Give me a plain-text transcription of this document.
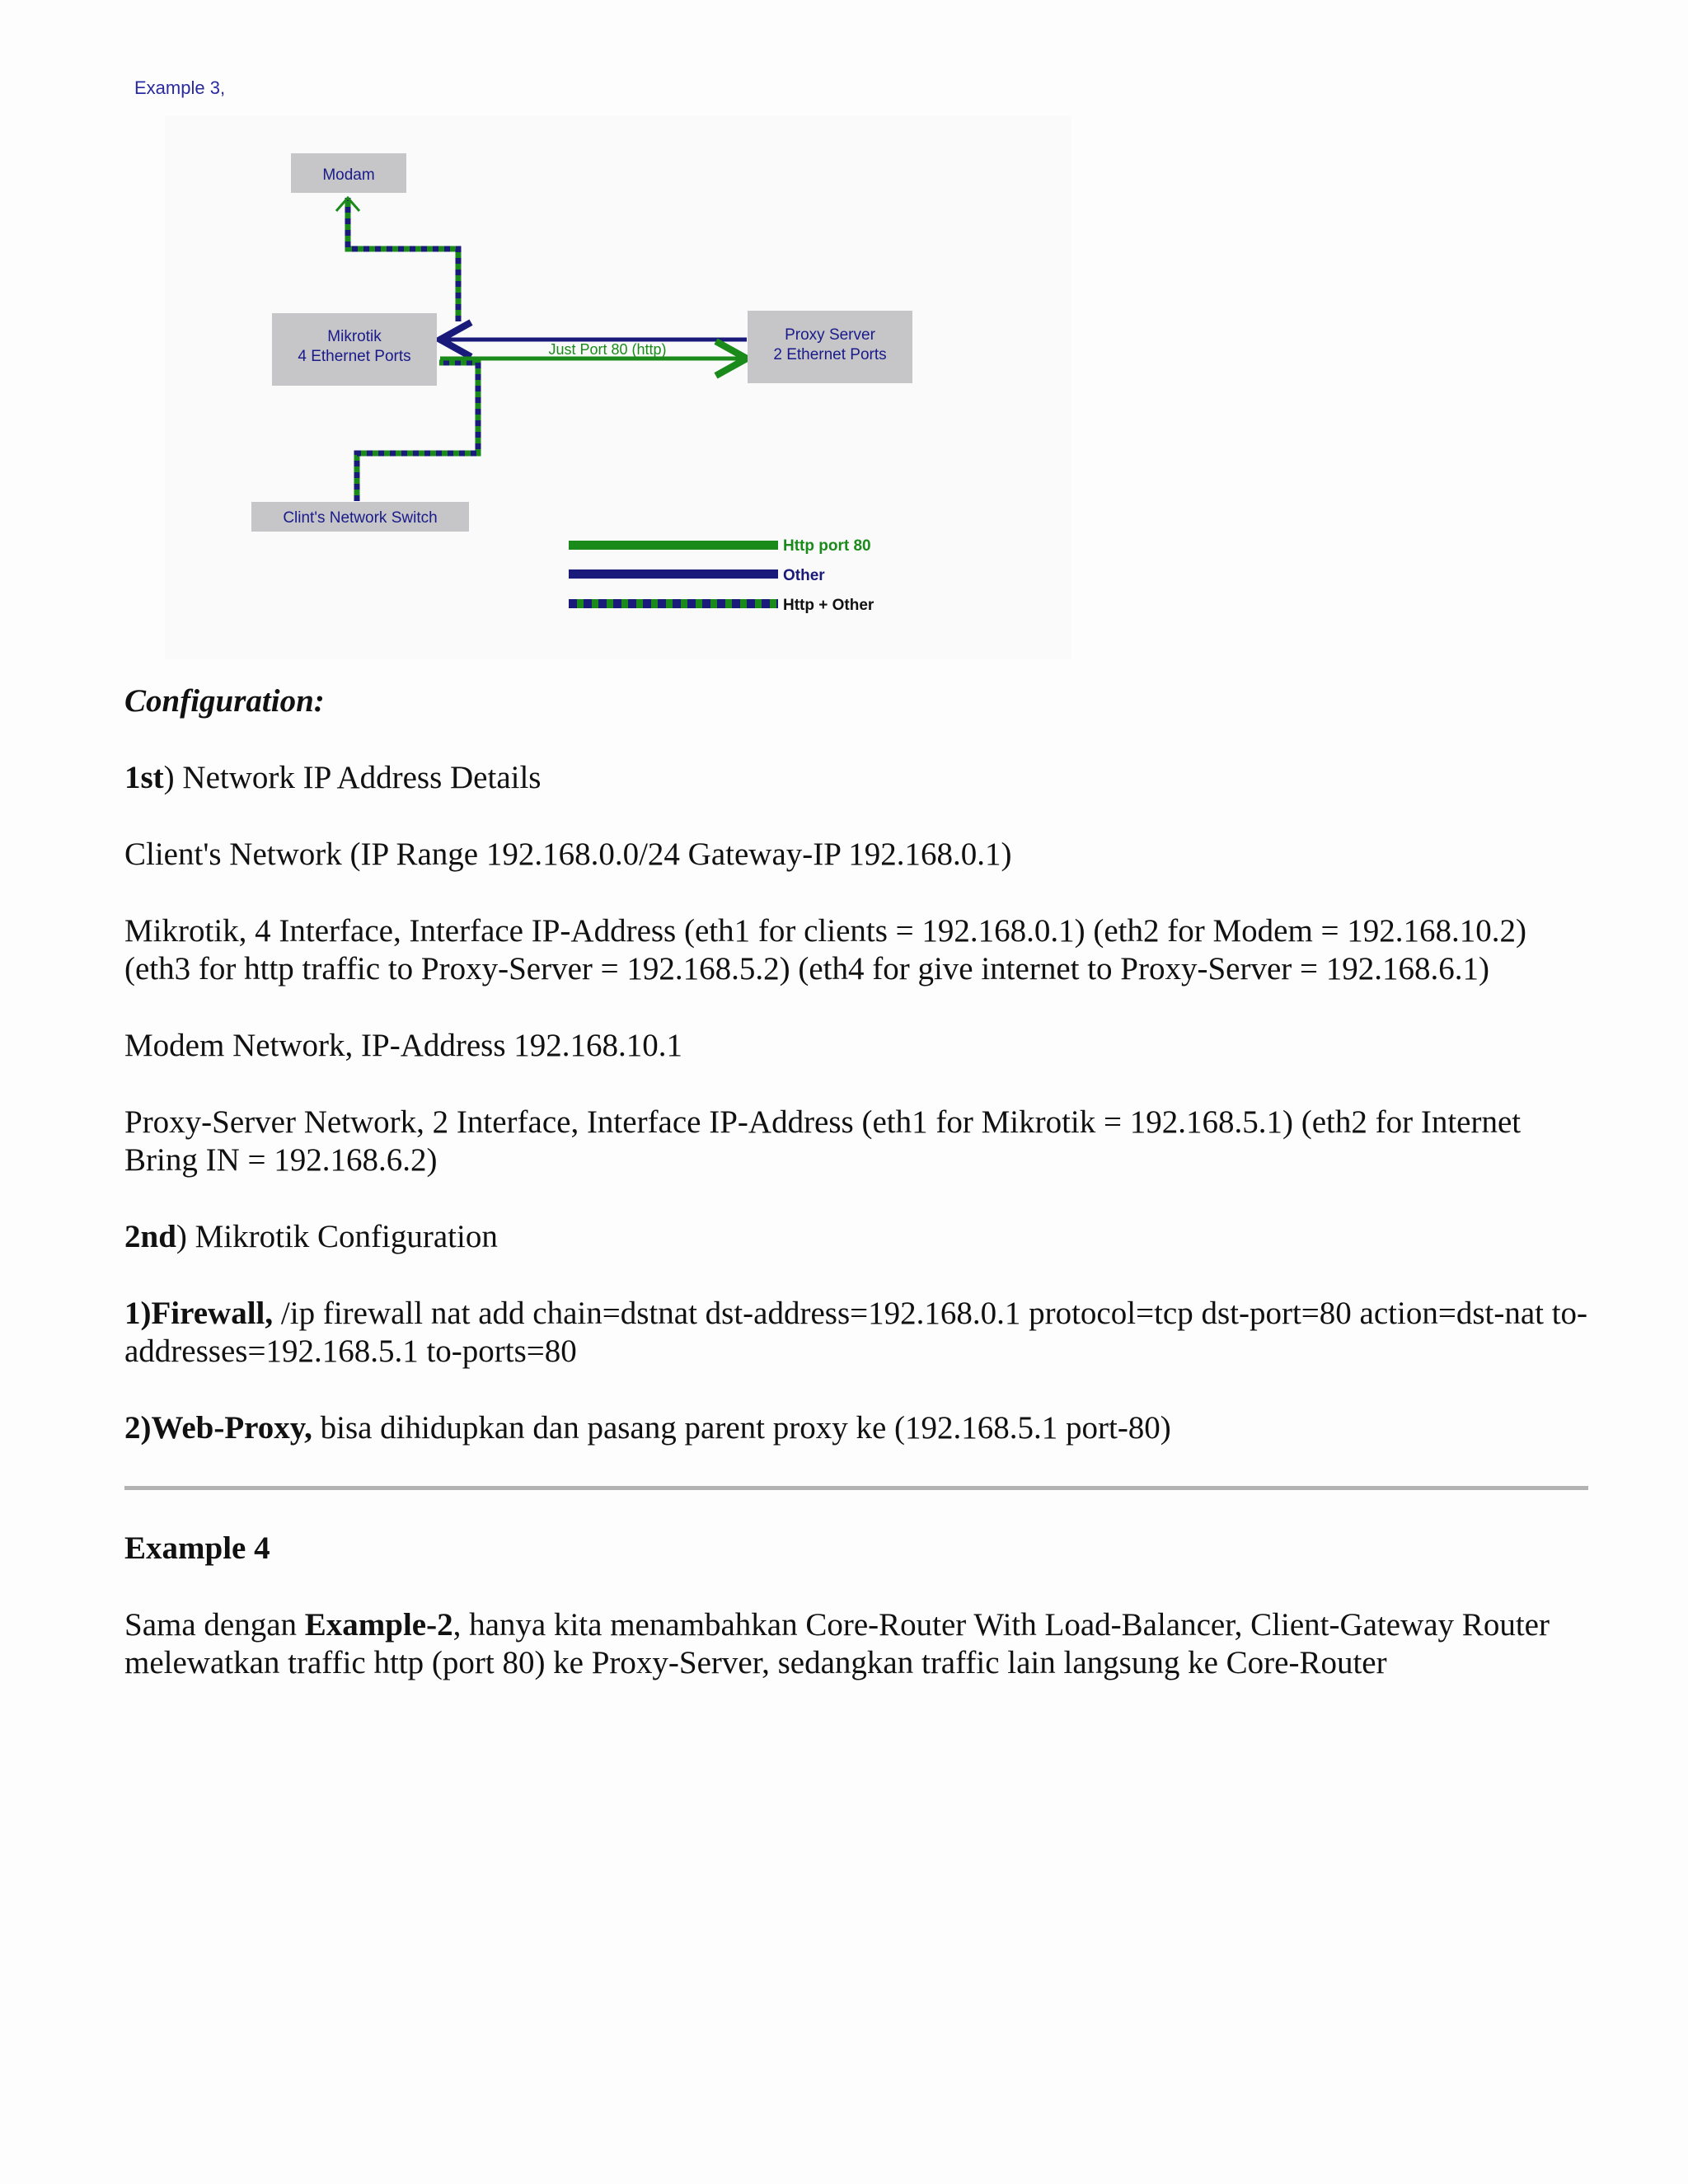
Example 3,
Just Port 80 (http)
Modam
Mikrotik
4 Ethernet Ports
Proxy Server
2 Ethernet Ports
Clint's Network Switch
Http port 80
Other
Http + Other

Configuration:

1st) Network IP Address Details

Client's Network (IP Range 192.168.0.0/24 Gateway-IP 192.168.0.1)

Mikrotik, 4 Interface, Interface IP-Address (eth1 for clients = 192.168.0.1) (eth2 for Modem = 192.168.10.2) (eth3 for http traffic to Proxy-Server = 192.168.5.2) (eth4 for give internet to Proxy-Server = 192.168.6.1)

Modem Network, IP-Address 192.168.10.1

Proxy-Server Network, 2 Interface, Interface IP-Address (eth1 for Mikrotik = 192.168.5.1) (eth2 for Internet Bring IN = 192.168.6.2)

2nd) Mikrotik Configuration

1)Firewall, /ip firewall nat add chain=dstnat dst-address=192.168.0.1 protocol=tcp dst-port=80 action=dst-nat to-addresses=192.168.5.1 to-ports=80

2)Web-Proxy, bisa dihidupkan dan pasang parent proxy ke (192.168.5.1 port-80)

Example 4

Sama dengan Example-2, hanya kita menambahkan Core-Router With Load-Balancer, Client-Gateway Router melewatkan traffic http (port 80) ke Proxy-Server, sedangkan traffic lain langsung ke Core-Router
